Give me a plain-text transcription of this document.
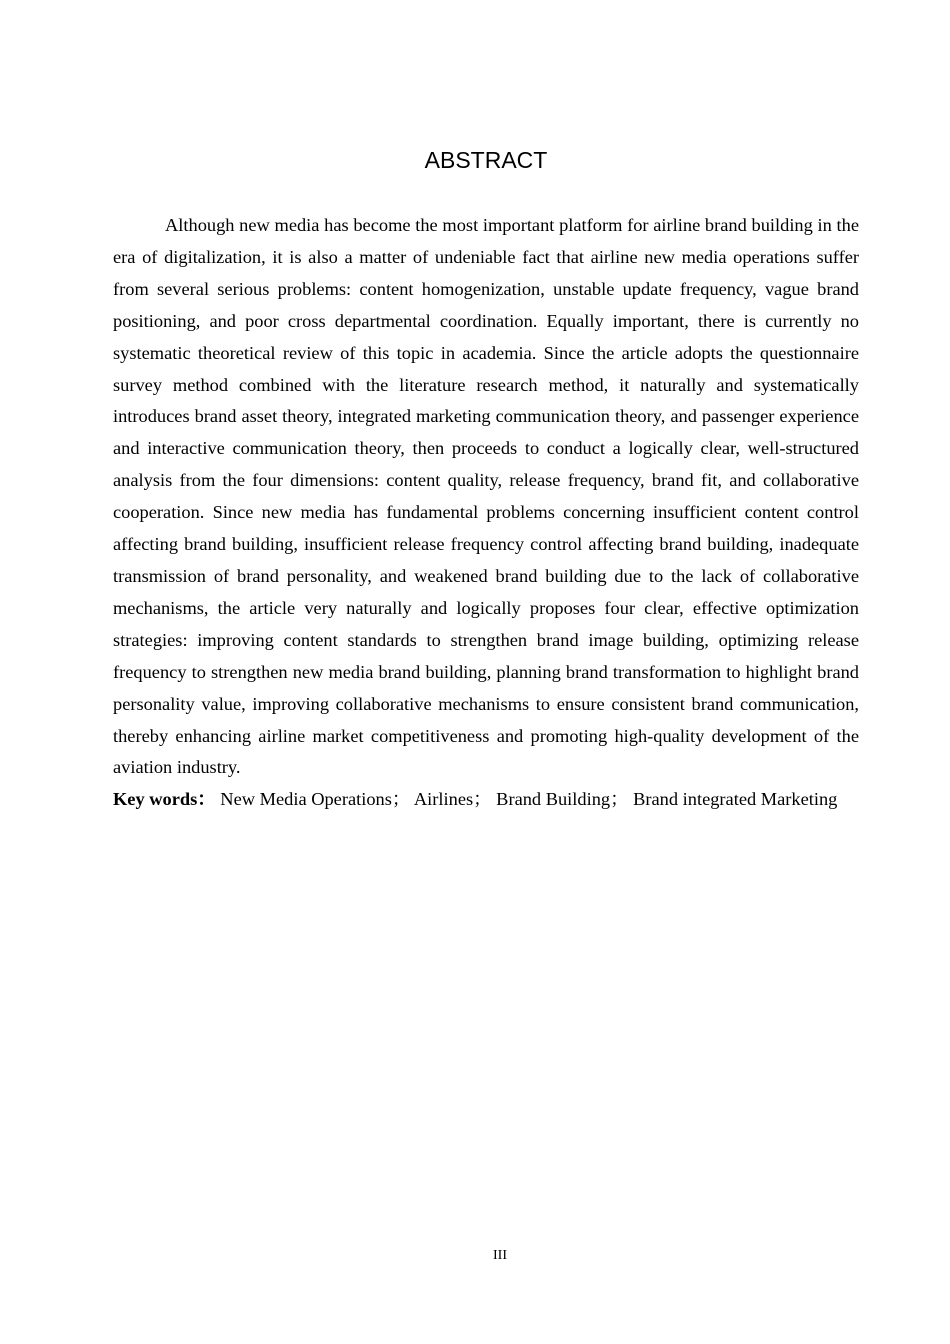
ABSTRACT

Although new media has become the most important platform for airline brand building in the era of digitalization, it is also a matter of undeniable fact that airline new media operations suffer from several serious problems: content homogenization, unstable update frequency, vague brand positioning, and poor cross departmental coordination. Equally important, there is currently no systematic theoretical review of this topic in academia. Since the article adopts the questionnaire survey method combined with the literature research method, it naturally and systematically introduces brand asset theory, integrated marketing communication theory, and passenger experience and interactive communication theory, then proceeds to conduct a logically clear, well-structured analysis from the four dimensions: content quality, release frequency, brand fit, and collaborative cooperation. Since new media has fundamental problems concerning insufficient content control affecting brand building, insufficient release frequency control affecting brand building, inadequate transmission of brand personality, and weakened brand building due to the lack of collaborative mechanisms, the article very naturally and logically proposes four clear, effective optimization strategies: improving content standards to strengthen brand image building, optimizing release frequency to strengthen new media brand building, planning brand transformation to highlight brand personality value, improving collaborative mechanisms to ensure consistent brand communication, thereby enhancing airline market competitiveness and promoting high-quality development of the aviation industry.

Key words： New Media Operations； Airlines； Brand Building； Brand integrated Marketing

III
